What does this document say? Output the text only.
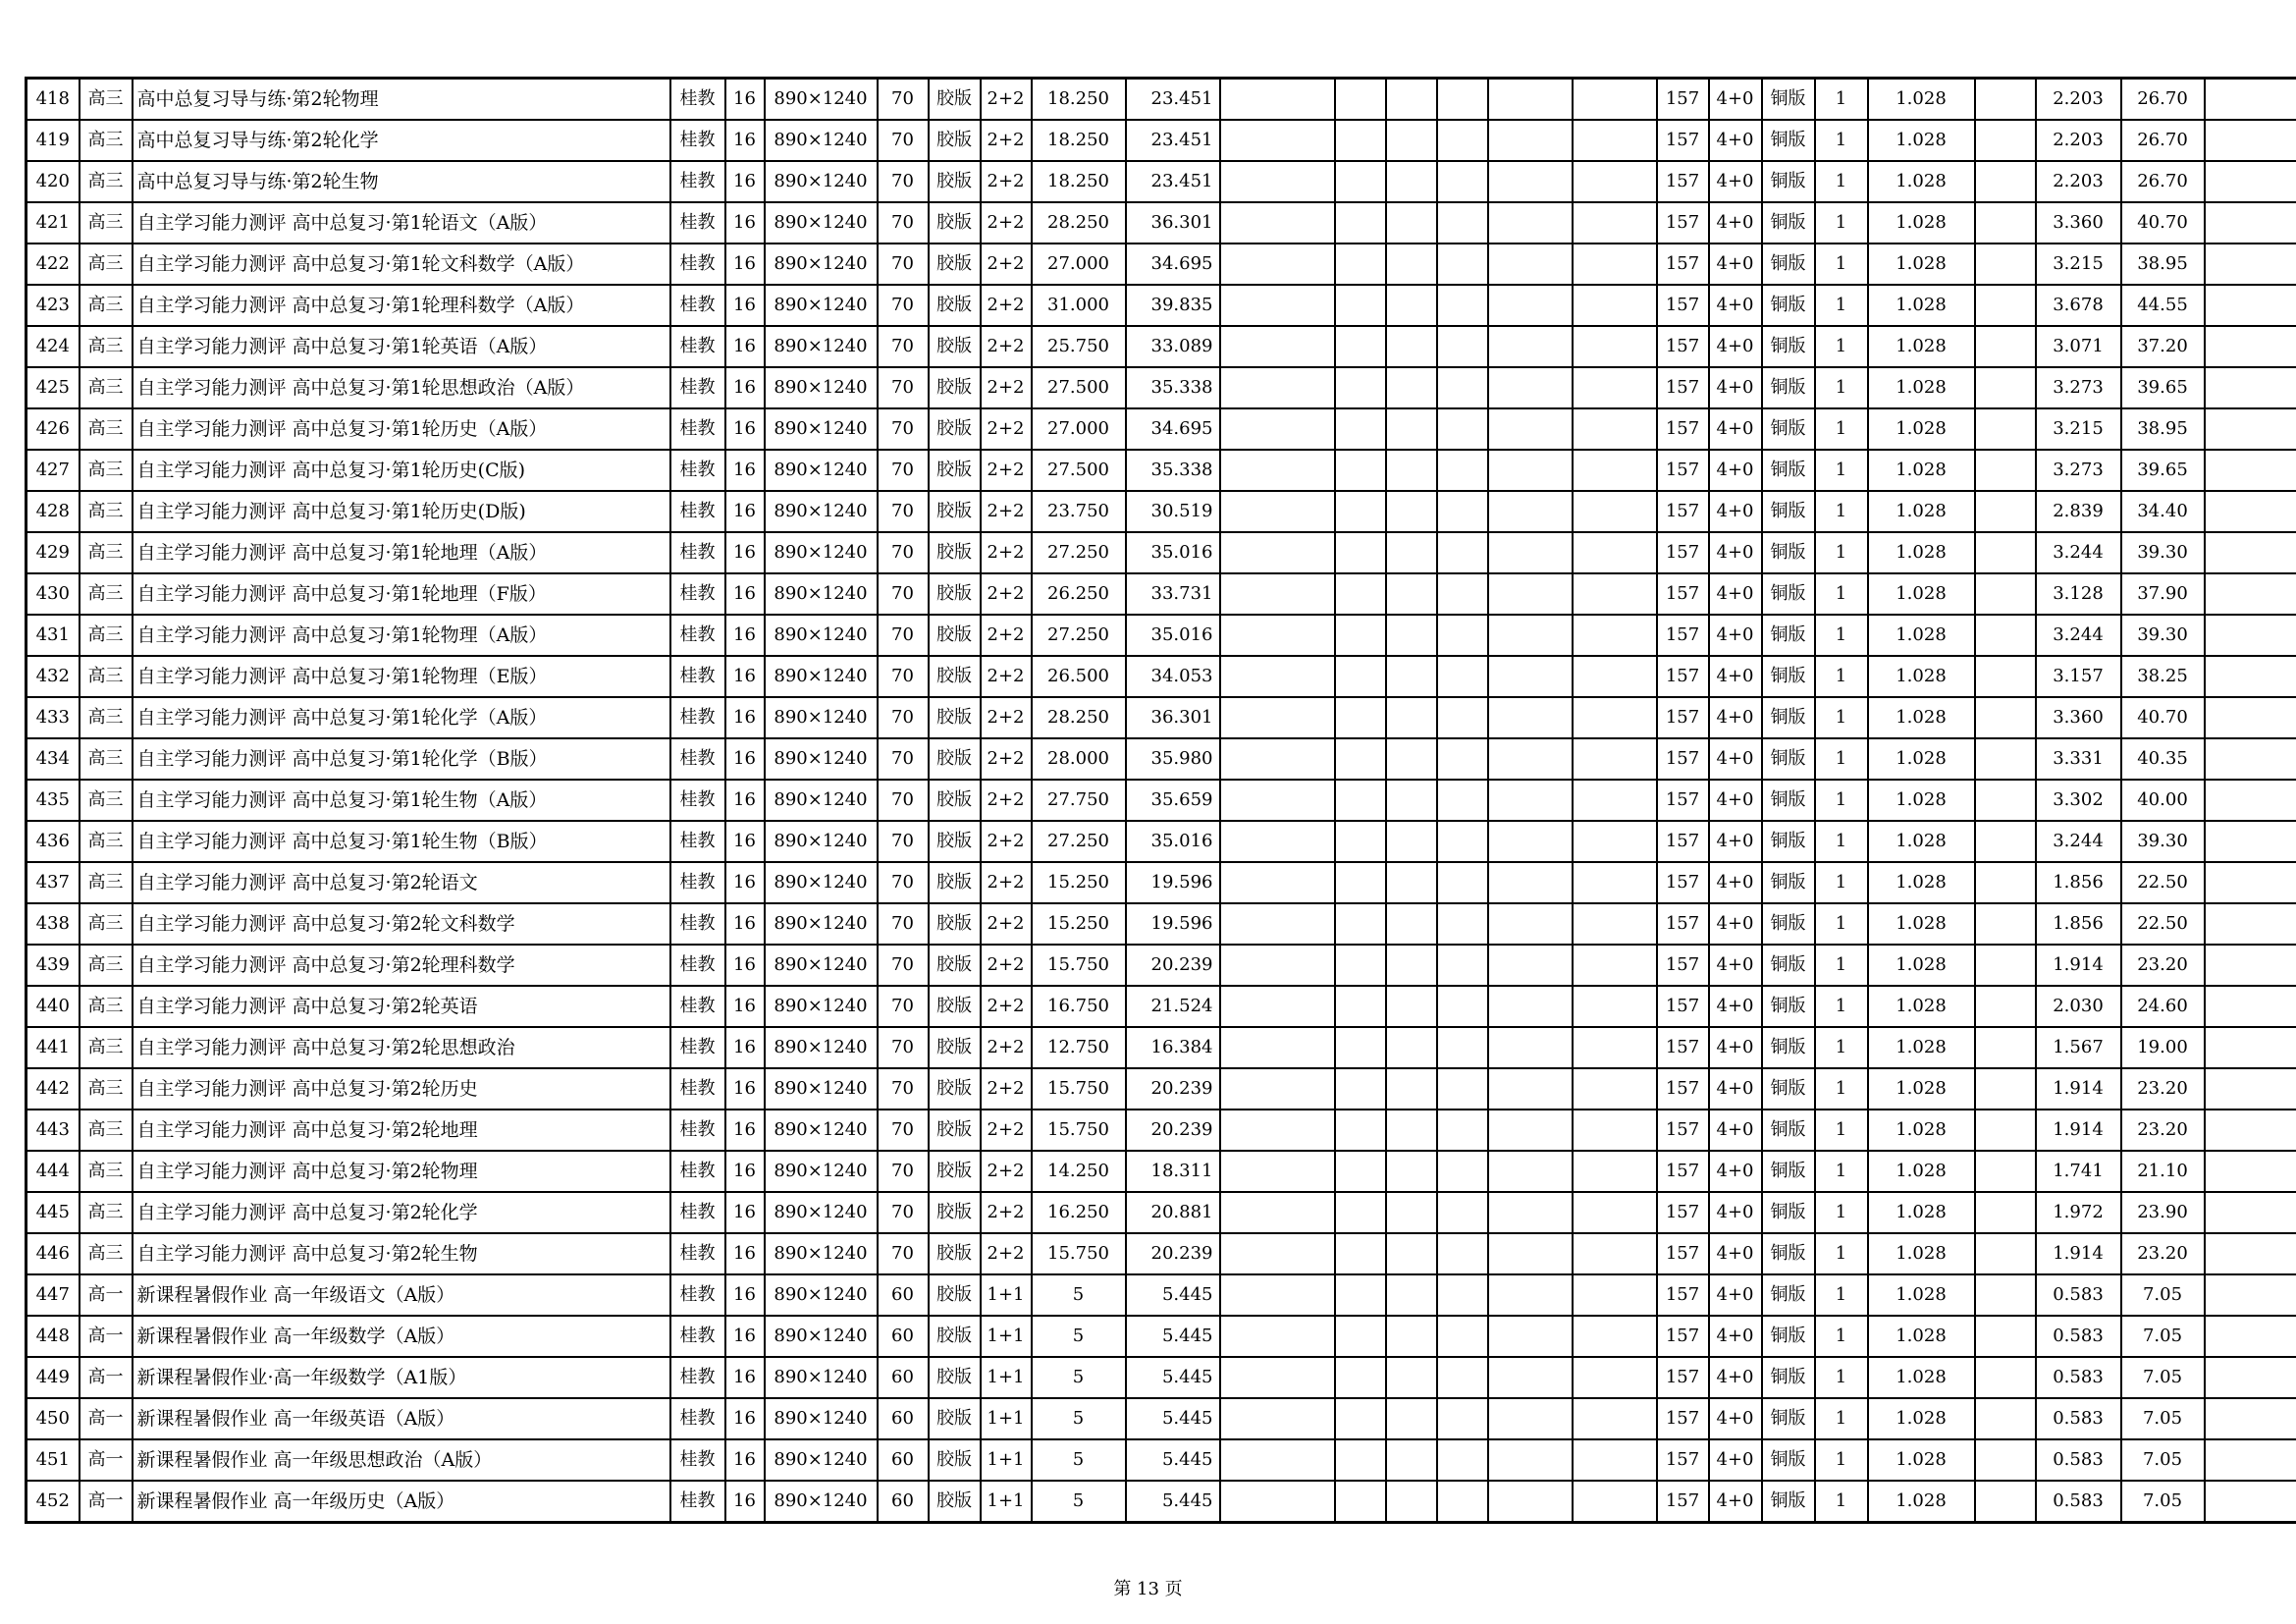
418	高三	高中总复习导与练·第2轮物理	桂教	16	890×1240	70	胶版	2+2	18.250	23.451							157	4+0	铜版	1	1.028		2.203	26.70	
419	高三	高中总复习导与练·第2轮化学	桂教	16	890×1240	70	胶版	2+2	18.250	23.451							157	4+0	铜版	1	1.028		2.203	26.70	
420	高三	高中总复习导与练·第2轮生物	桂教	16	890×1240	70	胶版	2+2	18.250	23.451							157	4+0	铜版	1	1.028		2.203	26.70	
421	高三	自主学习能力测评 高中总复习·第1轮语文（A版）	桂教	16	890×1240	70	胶版	2+2	28.250	36.301							157	4+0	铜版	1	1.028		3.360	40.70	
422	高三	自主学习能力测评 高中总复习·第1轮文科数学（A版）	桂教	16	890×1240	70	胶版	2+2	27.000	34.695							157	4+0	铜版	1	1.028		3.215	38.95	
423	高三	自主学习能力测评 高中总复习·第1轮理科数学（A版）	桂教	16	890×1240	70	胶版	2+2	31.000	39.835							157	4+0	铜版	1	1.028		3.678	44.55	
424	高三	自主学习能力测评 高中总复习·第1轮英语（A版）	桂教	16	890×1240	70	胶版	2+2	25.750	33.089							157	4+0	铜版	1	1.028		3.071	37.20	
425	高三	自主学习能力测评 高中总复习·第1轮思想政治（A版）	桂教	16	890×1240	70	胶版	2+2	27.500	35.338							157	4+0	铜版	1	1.028		3.273	39.65	
426	高三	自主学习能力测评 高中总复习·第1轮历史（A版）	桂教	16	890×1240	70	胶版	2+2	27.000	34.695							157	4+0	铜版	1	1.028		3.215	38.95	
427	高三	自主学习能力测评 高中总复习·第1轮历史(C版)	桂教	16	890×1240	70	胶版	2+2	27.500	35.338							157	4+0	铜版	1	1.028		3.273	39.65	
428	高三	自主学习能力测评 高中总复习·第1轮历史(D版)	桂教	16	890×1240	70	胶版	2+2	23.750	30.519							157	4+0	铜版	1	1.028		2.839	34.40	
429	高三	自主学习能力测评 高中总复习·第1轮地理（A版）	桂教	16	890×1240	70	胶版	2+2	27.250	35.016							157	4+0	铜版	1	1.028		3.244	39.30	
430	高三	自主学习能力测评 高中总复习·第1轮地理（F版）	桂教	16	890×1240	70	胶版	2+2	26.250	33.731							157	4+0	铜版	1	1.028		3.128	37.90	
431	高三	自主学习能力测评 高中总复习·第1轮物理（A版）	桂教	16	890×1240	70	胶版	2+2	27.250	35.016							157	4+0	铜版	1	1.028		3.244	39.30	
432	高三	自主学习能力测评 高中总复习·第1轮物理（E版）	桂教	16	890×1240	70	胶版	2+2	26.500	34.053							157	4+0	铜版	1	1.028		3.157	38.25	
433	高三	自主学习能力测评 高中总复习·第1轮化学（A版）	桂教	16	890×1240	70	胶版	2+2	28.250	36.301							157	4+0	铜版	1	1.028		3.360	40.70	
434	高三	自主学习能力测评 高中总复习·第1轮化学（B版）	桂教	16	890×1240	70	胶版	2+2	28.000	35.980							157	4+0	铜版	1	1.028		3.331	40.35	
435	高三	自主学习能力测评 高中总复习·第1轮生物（A版）	桂教	16	890×1240	70	胶版	2+2	27.750	35.659							157	4+0	铜版	1	1.028		3.302	40.00	
436	高三	自主学习能力测评 高中总复习·第1轮生物（B版）	桂教	16	890×1240	70	胶版	2+2	27.250	35.016							157	4+0	铜版	1	1.028		3.244	39.30	
437	高三	自主学习能力测评 高中总复习·第2轮语文	桂教	16	890×1240	70	胶版	2+2	15.250	19.596							157	4+0	铜版	1	1.028		1.856	22.50	
438	高三	自主学习能力测评 高中总复习·第2轮文科数学	桂教	16	890×1240	70	胶版	2+2	15.250	19.596							157	4+0	铜版	1	1.028		1.856	22.50	
439	高三	自主学习能力测评 高中总复习·第2轮理科数学	桂教	16	890×1240	70	胶版	2+2	15.750	20.239							157	4+0	铜版	1	1.028		1.914	23.20	
440	高三	自主学习能力测评 高中总复习·第2轮英语	桂教	16	890×1240	70	胶版	2+2	16.750	21.524							157	4+0	铜版	1	1.028		2.030	24.60	
441	高三	自主学习能力测评 高中总复习·第2轮思想政治	桂教	16	890×1240	70	胶版	2+2	12.750	16.384							157	4+0	铜版	1	1.028		1.567	19.00	
442	高三	自主学习能力测评 高中总复习·第2轮历史	桂教	16	890×1240	70	胶版	2+2	15.750	20.239							157	4+0	铜版	1	1.028		1.914	23.20	
443	高三	自主学习能力测评 高中总复习·第2轮地理	桂教	16	890×1240	70	胶版	2+2	15.750	20.239							157	4+0	铜版	1	1.028		1.914	23.20	
444	高三	自主学习能力测评 高中总复习·第2轮物理	桂教	16	890×1240	70	胶版	2+2	14.250	18.311							157	4+0	铜版	1	1.028		1.741	21.10	
445	高三	自主学习能力测评 高中总复习·第2轮化学	桂教	16	890×1240	70	胶版	2+2	16.250	20.881							157	4+0	铜版	1	1.028		1.972	23.90	
446	高三	自主学习能力测评 高中总复习·第2轮生物	桂教	16	890×1240	70	胶版	2+2	15.750	20.239							157	4+0	铜版	1	1.028		1.914	23.20	
447	高一	新课程暑假作业 高一年级语文（A版）	桂教	16	890×1240	60	胶版	1+1	5	5.445							157	4+0	铜版	1	1.028		0.583	7.05	
448	高一	新课程暑假作业 高一年级数学（A版）	桂教	16	890×1240	60	胶版	1+1	5	5.445							157	4+0	铜版	1	1.028		0.583	7.05	
449	高一	新课程暑假作业·高一年级数学（A1版）	桂教	16	890×1240	60	胶版	1+1	5	5.445							157	4+0	铜版	1	1.028		0.583	7.05	
450	高一	新课程暑假作业 高一年级英语（A版）	桂教	16	890×1240	60	胶版	1+1	5	5.445							157	4+0	铜版	1	1.028		0.583	7.05	
451	高一	新课程暑假作业 高一年级思想政治（A版）	桂教	16	890×1240	60	胶版	1+1	5	5.445							157	4+0	铜版	1	1.028		0.583	7.05	
452	高一	新课程暑假作业 高一年级历史（A版）	桂教	16	890×1240	60	胶版	1+1	5	5.445							157	4+0	铜版	1	1.028		0.583	7.05	
第 13 页
